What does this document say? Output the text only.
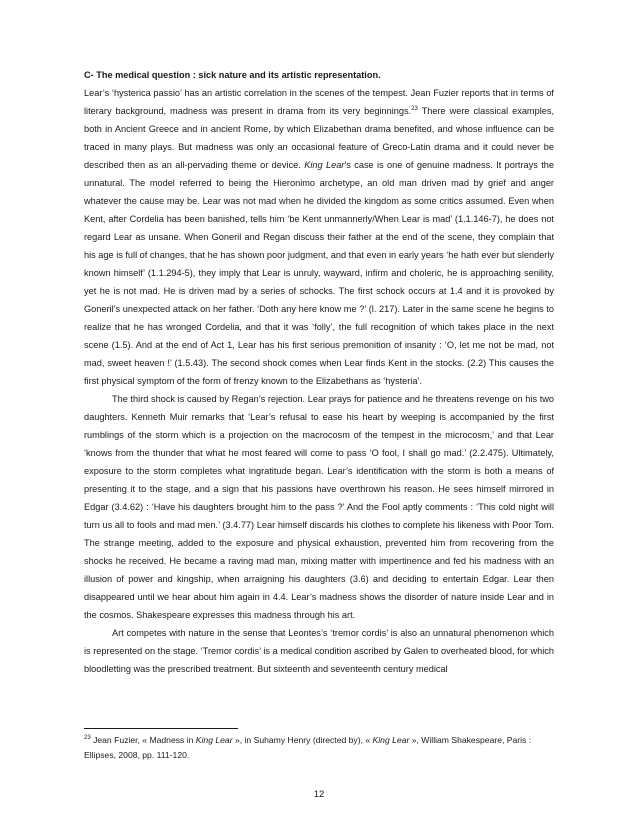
C- The medical question : sick nature and its artistic representation.

Lear’s ‘hysterica passio’ has an artistic correlation in the scenes of the tempest. Jean Fuzier reports that in terms of literary background, madness was present in drama from its very beginnings.$^{23}$ There were classical examples, both in Ancient Greece and in ancient Rome, by which Elizabethan drama benefited, and whose influence can be traced in many plays. But madness was only an occasional feature of Greco-Latin drama and it could never be described then as an all-pervading theme or device. King Lear’s case is one of genuine madness. It portrays the unnatural. The model referred to being the Hieronimo archetype, an old man driven mad by grief and anger whatever the cause may be. Lear was not mad when he divided the kingdom as some critics assumed. Even when Kent, after Cordelia has been banished, tells him ‘be Kent unmannerly/When Lear is mad’ (1.1.146-7), he does not regard Lear as unsane. When Goneril and Regan discuss their father at the end of the scene, they complain that his age is full of changes, that he has shown poor judgment, and that even in early years ‘he hath ever but slenderly known himself’ (1.1.294-5), they imply that Lear is unruly, wayward, infirm and choleric, he is approaching senility, yet he is not mad. He is driven mad by a series of schocks. The first schock occurs at 1.4 and it is provoked by Goneril’s unexpected attack on her father. ‘Doth any here know me ?’ (l. 217). Later in the same scene he begins to realize that he has wronged Cordelia, and that it was ‘folly’, the full recognition of which takes place in the next scene (1.5). And at the end of Act 1, Lear has his first serious premonition of insanity : ‘O, let me not be mad, not mad, sweet heaven !’ (1.5.43). The second shock comes when Lear finds Kent in the stocks. (2.2) This causes the first physical symptom of the form of frenzy known to the Elizabethans as ‘hysteria’.

The third shock is caused by Regan’s rejection. Lear prays for patience and he threatens revenge on his two daughters. Kenneth Muir remarks that ‘Lear’s refusal to ease his heart by weeping is accompanied by the first rumblings of the storm which is a projection on the macrocosm of the tempest in the microcosm,’ and that Lear ‘knows from the thunder that what he most feared will come to pass ‘O fool, I shall go mad.’ (2.2.475). Ultimately, exposure to the storm completes what ingratitude began. Lear’s identification with the storm is both a means of presenting it to the stage, and a sign that his passions have overthrown his reason. He sees himself mirrored in Edgar (3.4.62) : ‘Have his daughters brought him to the pass ?’ And the Fool aptly comments : ‘This cold night will turn us all to fools and mad men.’ (3.4.77) Lear himself discards his clothes to complete his likeness with Poor Tom. The strange meeting, added to the exposure and physical exhaustion, prevented him from recovering from the shocks he received. He became a raving mad man, mixing matter with impertinence and fed his madness with an illusion of power and kingship, when arraigning his daughters (3.6) and deciding to entertain Edgar. Lear then disappeared until we hear about him again in 4.4. Lear’s madness shows the disorder of nature inside Lear and in the cosmos. Shakespeare expresses this madness through his art.

Art competes with nature in the sense that Leontes’s ‘tremor cordis’ is also an unnatural phenomenon which is represented on the stage. ‘Tremor cordis’ is a medical condition ascribed by Galen to overheated blood, for which bloodletting was the prescribed treatment. But sixteenth and seventeenth century medical

$^{23}$ Jean Fuzier, « Madness in King Lear », in Suhamy Henry (directed by), « King Lear », William Shakespeare, Paris : Ellipses, 2008, pp. 111-120.
12
